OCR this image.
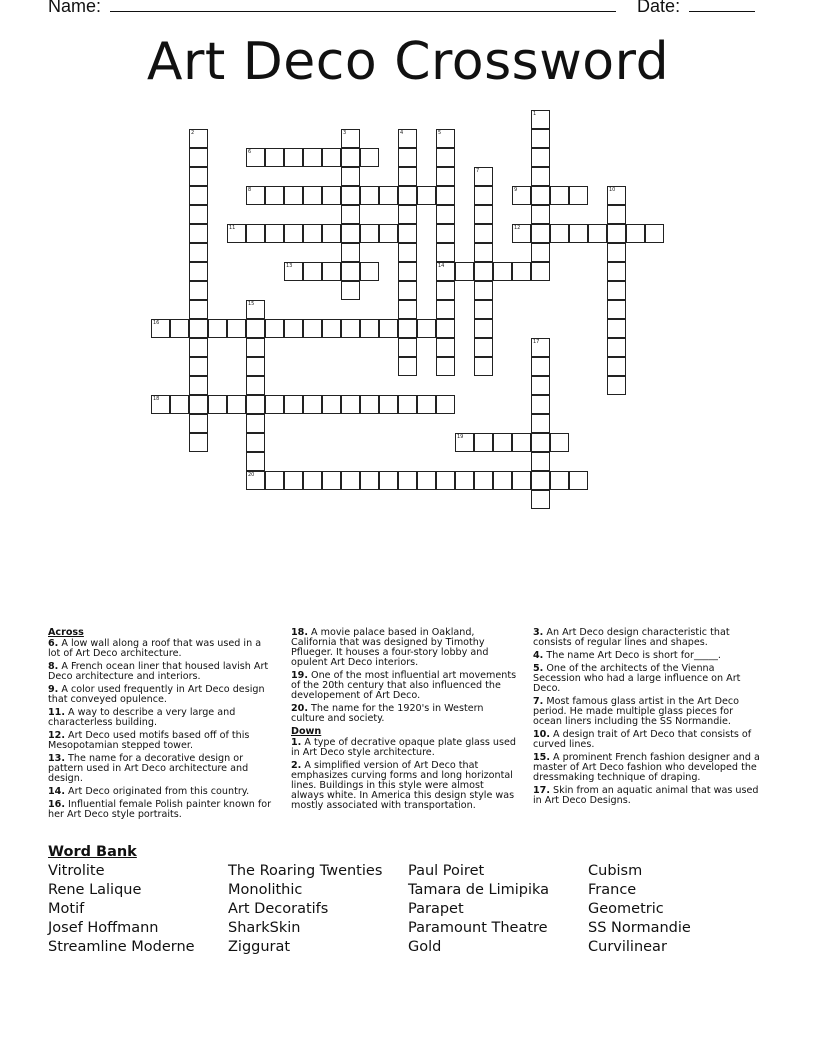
Name:	Date:
Art Deco Crossword
1
2	3	4	5
14
6
7
8	9	10
11	12
13
15
20
16
17
18
19
Across
6. A low wall along a roof that was used in a lot of Art Deco architecture.
8. A French ocean liner that housed lavish Art Deco architecture and interiors.
9. A color used frequently in Art Deco design that conveyed opulence.
11. A way to describe a very large and characterless building.
12. Art Deco used motifs based off of this Mesopotamian stepped tower.
13. The name for a decorative design or pattern used in Art Deco architecture and design.
14. Art Deco originated from this country.
16. Influential female Polish painter known for her Art Deco style portraits.
18. A movie palace based in Oakland, California that was designed by Timothy Pflueger. It houses a four-story lobby and opulent Art Deco interiors.
19. One of the most influential art movements of the 20th century that also influenced the developement of Art Deco.
20. The name for the 1920's in Western culture and society.
Down
1. A type of decrative opaque plate glass used in Art Deco style architecture.
2. A simplified version of Art Deco that emphasizes curving forms and long horizontal lines. Buildings in this style were almost always white. In America this design style was mostly associated with transportation.
3. An Art Deco design characteristic that consists of regular lines and shapes.
4. The name Art Deco is short for_____.
5. One of the architects of the Vienna Secession who had a large influence on Art Deco.
7. Most famous glass artist in the Art Deco period. He made multiple glass pieces for ocean liners including the SS Normandie.
10. A design trait of Art Deco that consists of curved lines.
15. A prominent French fashion designer and a master of Art Deco fashion who developed the dressmaking technique of draping.
17. Skin from an aquatic animal that was used in Art Deco Designs.
Word Bank
Vitrolite	The Roaring Twenties	Paul Poiret	Cubism
Rene Lalique	Monolithic	Tamara de Limipika	France
Motif	Art Decoratifs	Parapet	Geometric
Josef Hoffmann	SharkSkin	Paramount Theatre	SS Normandie
Streamline Moderne	Ziggurat	Gold	Curvilinear
